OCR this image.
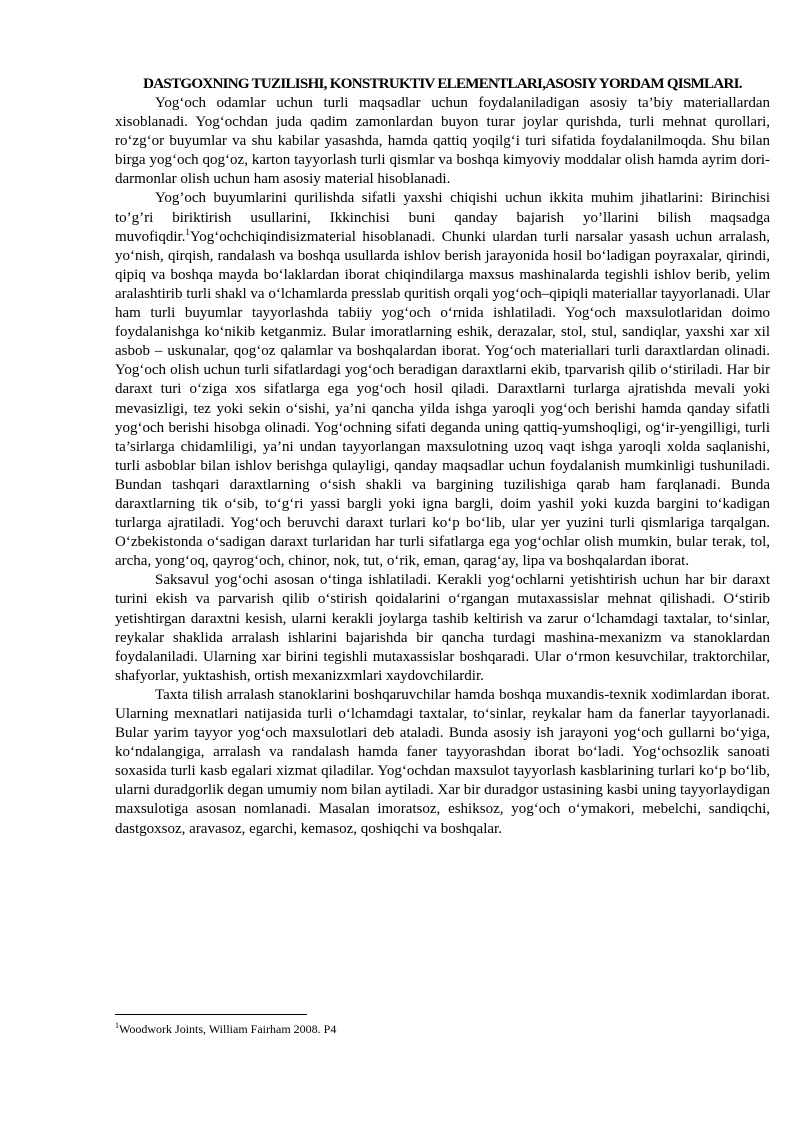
DASTGOXNING TUZILISHI, KONSTRUKTIV ELEMENTLARI,ASOSIY YORDAM QISMLARI.

Yog‘och odamlar uchun turli maqsadlar uchun foydalaniladigan asosiy ta’biy materiallardan xisoblanadi. Yog‘ochdan juda qadim zamonlardan buyon turar joylar qurishda, turli mehnat qurollari, ro‘zg‘or buyumlar va shu kabilar yasashda, hamda qattiq yoqilg‘i turi sifatida foydalanilmoqda. Shu bilan birga yog‘och qog‘oz, karton tayyorlash turli qismlar va boshqa kimyoviy moddalar olish hamda ayrim dori-darmonlar olish uchun ham asosiy material hisoblanadi.

Yog’och buyumlarini qurilishda sifatli yaxshi chiqishi uchun ikkita muhim jihatlarini: Birinchisi to’g’ri biriktirish usullarini, Ikkinchisi buni qanday bajarish yo’llarini bilish maqsadga muvofiqdir.$^1$Yog‘ochchiqindisizmaterial hisoblanadi. Chunki ulardan turli narsalar yasash uchun arralash, yo‘nish, qirqish, randalash va boshqa usullarda ishlov berish jarayonida hosil bo‘ladigan poyraxalar, qirindi, qipiq va boshqa mayda bo‘laklardan iborat chiqindilarga maxsus mashinalarda tegishli ishlov berib, yelim aralashtirib turli shakl va o‘lchamlarda presslab quritish orqali yog‘och–qipiqli materiallar tayyorlanadi. Ular ham turli buyumlar tayyorlashda tabiiy yog‘och o‘rnida ishlatiladi. Yog‘och maxsulotlaridan doimo foydalanishga ko‘nikib ketganmiz. Bular imoratlarning eshik, derazalar, stol, stul, sandiqlar, yaxshi xar xil asbob – uskunalar, qog‘oz qalamlar va boshqalardan iborat. Yog‘och materiallari turli daraxtlardan olinadi. Yog‘och olish uchun turli sifatlardagi yog‘och beradigan daraxtlarni ekib, tparvarish qilib o‘stiriladi. Har bir daraxt turi o‘ziga xos sifatlarga ega yog‘och hosil qiladi. Daraxtlarni turlarga ajratishda mevali yoki mevasizligi, tez yoki sekin o‘sishi, ya’ni qancha yilda ishga yaroqli yog‘och berishi hamda qanday sifatli yog‘och berishi hisobga olinadi. Yog‘ochning sifati deganda uning qattiq-yumshoqligi, og‘ir-yengilligi, turli ta’sirlarga chidamliligi, ya’ni undan tayyorlangan maxsulotning uzoq vaqt ishga yaroqli xolda saqlanishi, turli asboblar bilan ishlov berishga qulayligi, qanday maqsadlar uchun foydalanish mumkinligi tushuniladi. Bundan tashqari daraxtlarning o‘sish shakli va bargining tuzilishiga qarab ham farqlanadi. Bunda daraxtlarning tik o‘sib, to‘g‘ri yassi bargli yoki igna bargli, doim yashil yoki kuzda bargini to‘kadigan turlarga ajratiladi. Yog‘och beruvchi daraxt turlari ko‘p bo‘lib, ular yer yuzini turli qismlariga tarqalgan. O‘zbekistonda o‘sadigan daraxt turlaridan har turli sifatlarga ega yog‘ochlar olish mumkin, bular terak, tol, archa, yong‘oq, qayrog‘och, chinor, nok, tut, o‘rik, eman, qarag‘ay, lipa va boshqalardan iborat.

Saksavul yog‘ochi asosan o‘tinga ishlatiladi. Kerakli yog‘ochlarni yetishtirish uchun har bir daraxt turini ekish va parvarish qilib o‘stirish qoidalarini o‘rgangan mutaxassislar mehnat qilishadi. O‘stirib yetishtirgan daraxtni kesish, ularni kerakli joylarga tashib keltirish va zarur o‘lchamdagi taxtalar, to‘sinlar, reykalar shaklida arralash ishlarini bajarishda bir qancha turdagi mashina-mexanizm va stanoklardan foydalaniladi. Ularning xar birini tegishli mutaxassislar boshqaradi. Ular o‘rmon kesuvchilar, traktorchilar, shafyorlar, yuktashish, ortish mexanizxmlari xaydovchilardir.

Taxta tilish arralash stanoklarini boshqaruvchilar hamda boshqa muxandis-texnik xodimlardan iborat. Ularning mexnatlari natijasida turli o‘lchamdagi taxtalar, to‘sinlar, reykalar ham da fanerlar tayyorlanadi. Bular yarim tayyor yog‘och maxsulotlari deb ataladi. Bunda asosiy ish jarayoni yog‘och gullarni bo‘yiga, ko‘ndalangiga, arralash va randalash hamda faner tayyorashdan iborat bo‘ladi. Yog‘ochsozlik sanoati soxasida turli kasb egalari xizmat qiladilar. Yog‘ochdan maxsulot tayyorlash kasblarining turlari ko‘p bo‘lib, ularni duradgorlik degan umumiy nom bilan aytiladi. Xar bir duradgor ustasining kasbi uning tayyorlaydigan maxsulotiga asosan nomlanadi. Masalan imoratsoz, eshiksoz, yog‘och o‘ymakori, mebelchi, sandiqchi, dastgoxsoz, aravasoz, egarchi, kemasoz, qoshiqchi va boshqalar.

$^1$Woodwork Joints, William Fairham 2008. P4
